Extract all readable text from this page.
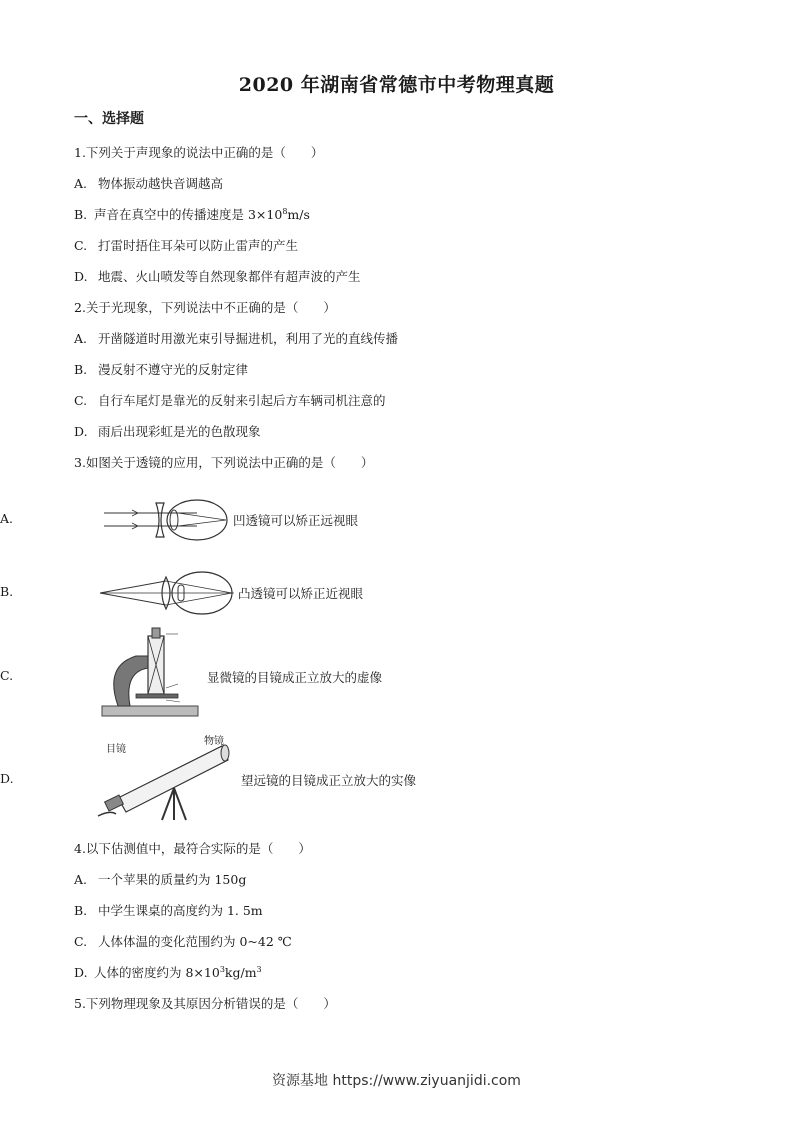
2020 年湖南省常德市中考物理真题
一、选择题
1.下列关于声现象的说法中正确的是（　　）
A. 物体振动越快音调越高
B. 声音在真空中的传播速度是 $3\times 10^8m/s$
C. 打雷时捂住耳朵可以防止雷声的产生
D. 地震、火山喷发等自然现象都伴有超声波的产生
2.关于光现象，下列说法中不正确的是（　　）
A. 开凿隧道时用激光束引导掘进机，利用了光的直线传播
B. 漫反射不遵守光的反射定律
C. 自行车尾灯是靠光的反射来引起后方车辆司机注意的
D. 雨后出现彩虹是光的色散现象
3.如图关于透镜的应用，下列说法中正确的是（　　）
A.	凹透镜可以矫正远视眼
B.	凸透镜可以矫正近视眼
C.	显微镜的目镜成正立放大的虚像
D.
目镜
物镜
望远镜的目镜成正立放大的实像
4.以下估测值中，最符合实际的是（　　）
A. 一个苹果的质量约为 150g
B. 中学生课桌的高度约为 1. 5m
C. 人体体温的变化范围约为 0~42 ℃
D. 人体的密度约为 $8\times 10^3kg/m^3$
5.下列物理现象及其原因分析错误的是（　　）
资源基地 https://www.ziyuanjidi.com
